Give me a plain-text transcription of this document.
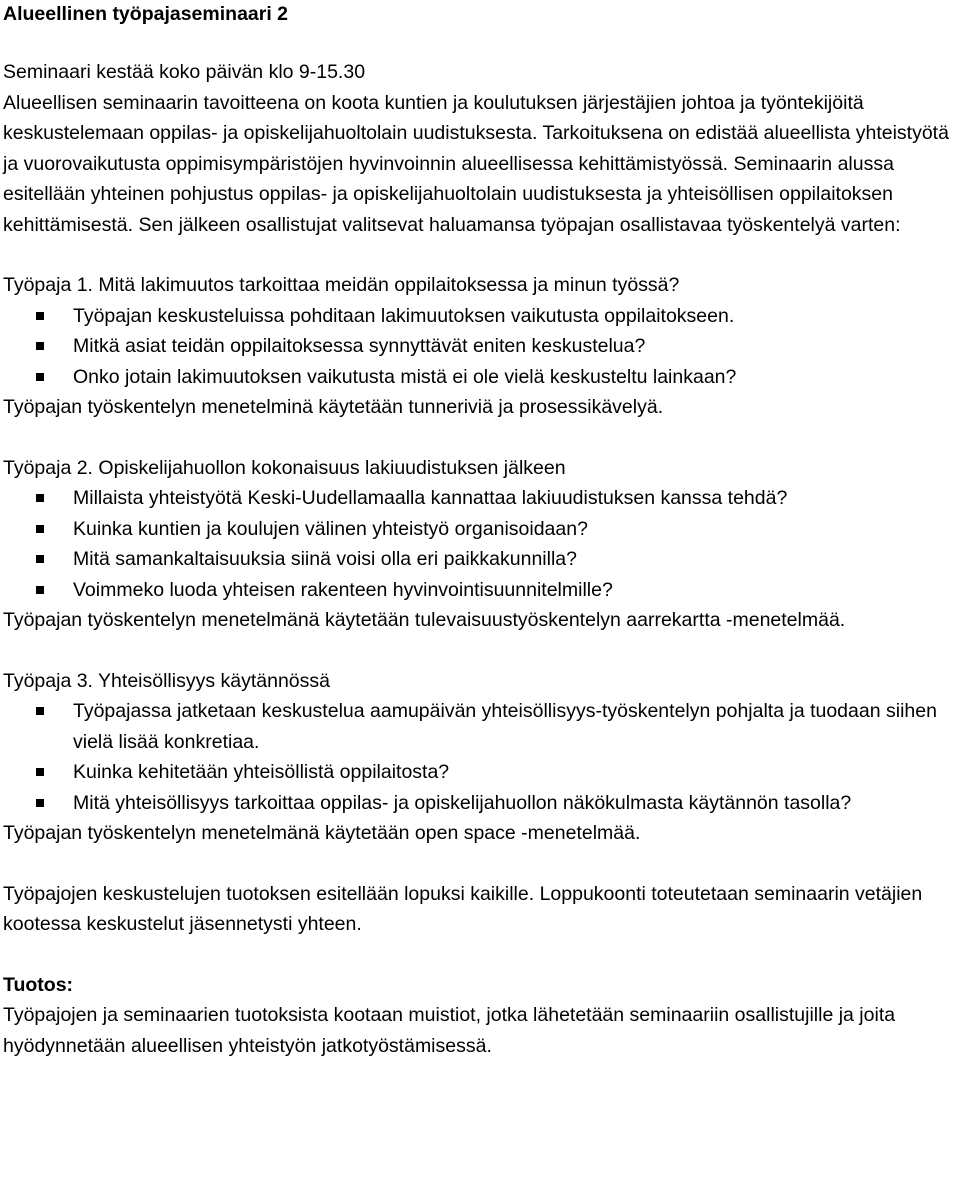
Alueellinen työpajaseminaari 2

Seminaari kestää koko päivän klo 9-15.30

Alueellisen seminaarin tavoitteena on koota kuntien ja koulutuksen järjestäjien johtoa ja työntekijöitä keskustelemaan oppilas- ja opiskelijahuoltolain uudistuksesta. Tarkoituksena on edistää alueellista yhteistyötä ja vuorovaikutusta oppimisympäristöjen hyvinvoinnin alueellisessa kehittämistyössä. Seminaarin alussa esitellään yhteinen pohjustus oppilas- ja opiskelijahuoltolain uudistuksesta ja yhteisöllisen oppilaitoksen kehittämisestä. Sen jälkeen osallistujat valitsevat haluamansa työpajan osallistavaa työskentelyä varten:

Työpaja 1. Mitä lakimuutos tarkoittaa meidän oppilaitoksessa ja minun työssä?

Työpajan keskusteluissa pohditaan lakimuutoksen vaikutusta oppilaitokseen.
Mitkä asiat teidän oppilaitoksessa synnyttävät eniten keskustelua?
Onko jotain lakimuutoksen vaikutusta mistä ei ole vielä keskusteltu lainkaan?

Työpajan työskentelyn menetelminä käytetään tunneriviä ja prosessikävelyä.

Työpaja 2. Opiskelijahuollon kokonaisuus lakiuudistuksen jälkeen

Millaista yhteistyötä Keski-Uudellamaalla kannattaa lakiuudistuksen kanssa tehdä?
Kuinka kuntien ja koulujen välinen yhteistyö organisoidaan?
Mitä samankaltaisuuksia siinä voisi olla eri paikkakunnilla?
Voimmeko luoda yhteisen rakenteen hyvinvointisuunnitelmille?

Työpajan työskentelyn menetelmänä käytetään tulevaisuustyöskentelyn aarrekartta -menetelmää.

Työpaja 3. Yhteisöllisyys käytännössä

Työpajassa jatketaan keskustelua aamupäivän yhteisöllisyys-työskentelyn pohjalta ja tuodaan siihen vielä lisää konkretiaa.
Kuinka kehitetään yhteisöllistä oppilaitosta?
Mitä yhteisöllisyys tarkoittaa oppilas- ja opiskelijahuollon näkökulmasta käytännön tasolla?

Työpajan työskentelyn menetelmänä käytetään open space -menetelmää.

Työpajojen keskustelujen tuotoksen esitellään lopuksi kaikille. Loppukoonti toteutetaan seminaarin vetäjien kootessa keskustelut jäsennetysti yhteen.

Tuotos:

Työpajojen ja seminaarien tuotoksista kootaan muistiot, jotka lähetetään seminaariin osallistujille ja joita hyödynnetään alueellisen yhteistyön jatkotyöstämisessä.
